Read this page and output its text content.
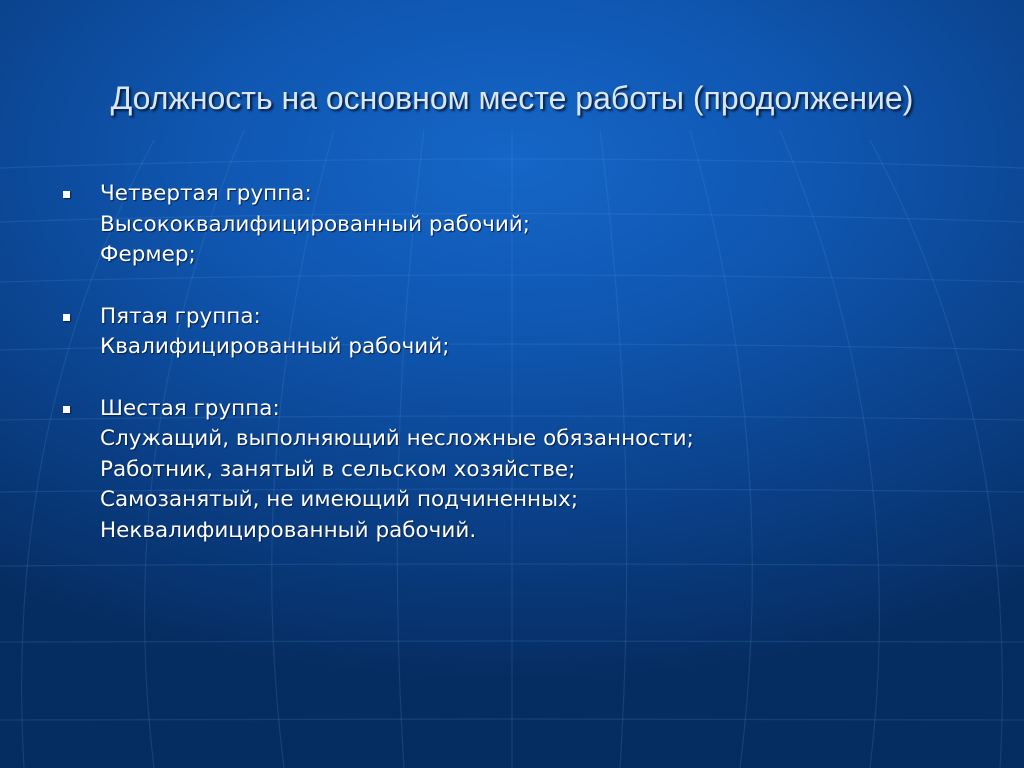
Должность на основном месте работы (продолжение)
Четвертая группа:
Высококвалифицированный рабочий;
Фермер;
Пятая группа:
Квалифицированный рабочий;
Шестая группа:
Служащий, выполняющий несложные обязанности;
Работник, занятый в сельском хозяйстве;
Самозанятый, не имеющий подчиненных;
Неквалифицированный рабочий.
